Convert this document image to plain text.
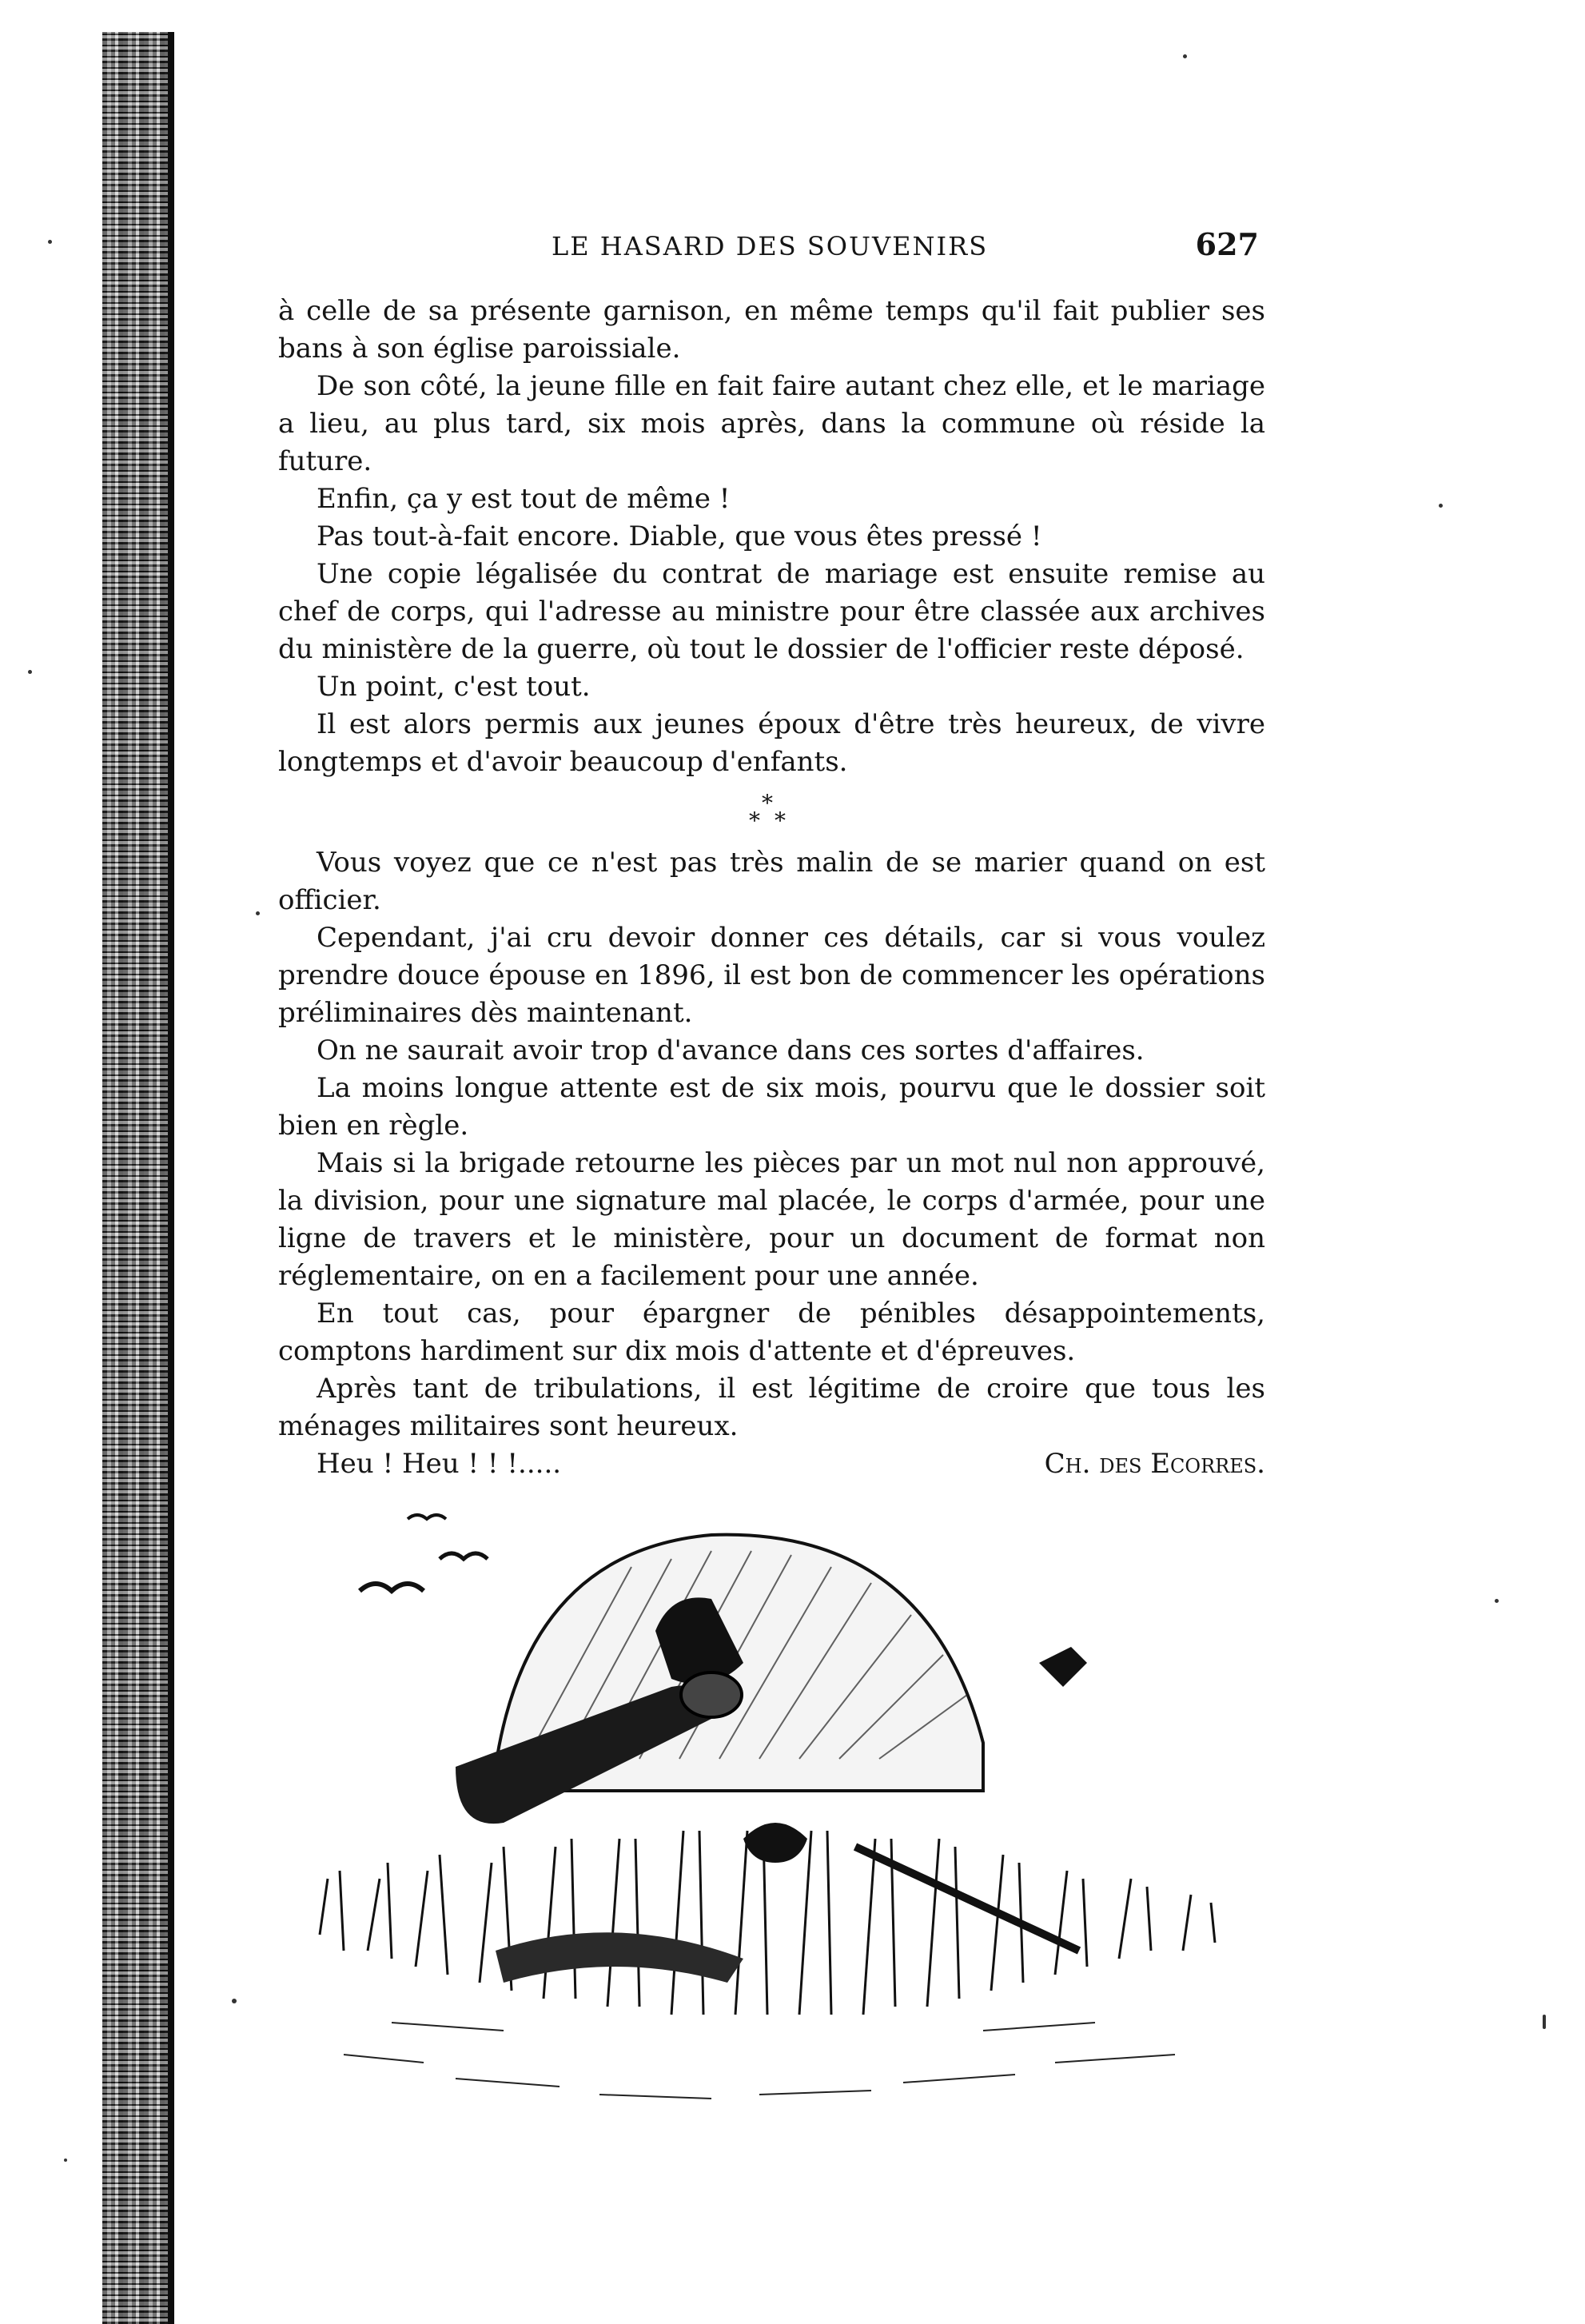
LE HASARD DES SOUVENIRS	627

à celle de sa présente garnison, en même temps qu'il fait publier ses bans à son église paroissiale.

De son côté, la jeune fille en fait faire autant chez elle, et le mariage a lieu, au plus tard, six mois après, dans la commune où réside la future.

Enfin, ça y est tout de même !

Pas tout-à-fait encore. Diable, que vous êtes pressé !

Une copie légalisée du contrat de mariage est ensuite remise au chef de corps, qui l'adresse au ministre pour être classée aux archives du ministère de la guerre, où tout le dossier de l'officier reste déposé.

Un point, c'est tout.

Il est alors permis aux jeunes époux d'être très heureux, de vivre longtemps et d'avoir beaucoup d'enfants.

*
* *

Vous voyez que ce n'est pas très malin de se marier quand on est officier.

Cependant, j'ai cru devoir donner ces détails, car si vous voulez prendre douce épouse en 1896, il est bon de commencer les opérations préliminaires dès maintenant.

On ne saurait avoir trop d'avance dans ces sortes d'affaires.

La moins longue attente est de six mois, pourvu que le dossier soit bien en règle.

Mais si la brigade retourne les pièces par un mot nul non approuvé, la division, pour une signature mal placée, le corps d'armée, pour une ligne de travers et le ministère, pour un document de format non réglementaire, on en a facilement pour une année.

En tout cas, pour épargner de pénibles désappointements, comptons hardiment sur dix mois d'attente et d'épreuves.

Après tant de tribulations, il est légitime de croire que tous les ménages militaires sont heureux.

Heu ! Heu ! ! !.....	Ch. des Ecorres.
